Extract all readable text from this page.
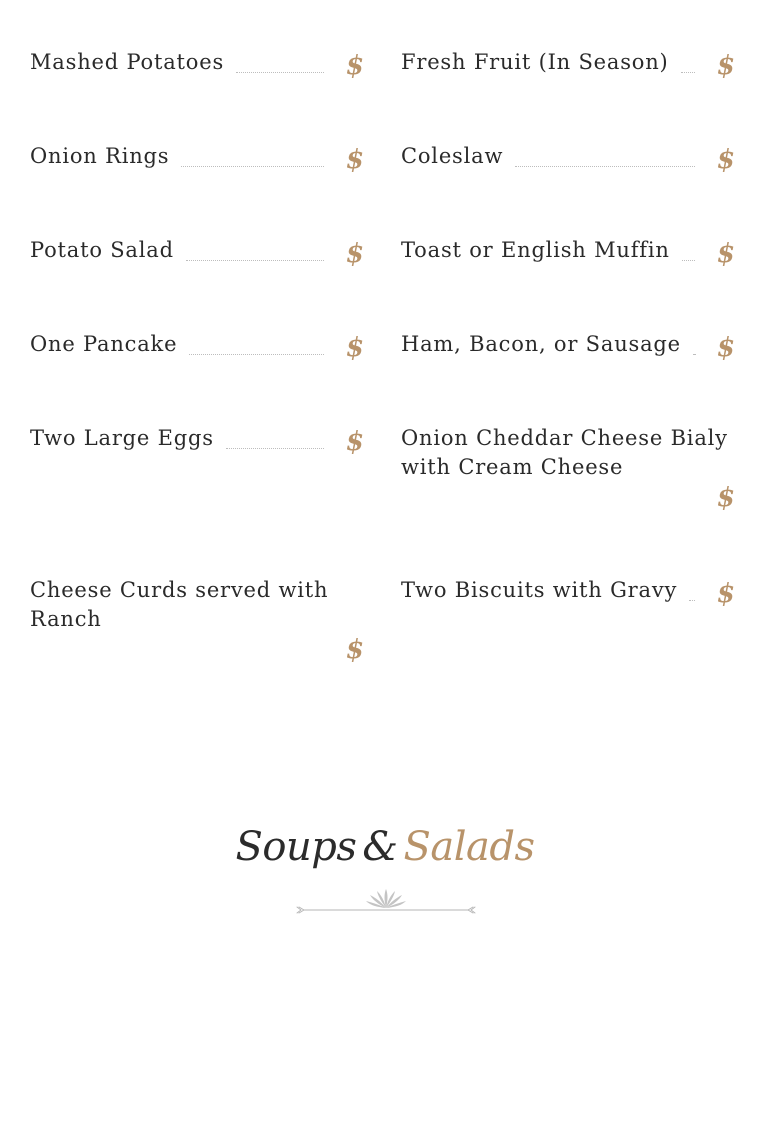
Mashed Potatoes	$ Fresh Fruit (In Season)	$
Onion Rings	$ Coleslaw	$
Potato Salad	$ Toast or English Muffin	$
One Pancake	$ Ham, Bacon, or Sausage	$
Two Large Eggs	$ Onion Cheddar Cheese Bialy with Cream Cheese
$
Cheese Curds served with Ranch
$
Two Biscuits with Gravy	$
Soups & Salads
